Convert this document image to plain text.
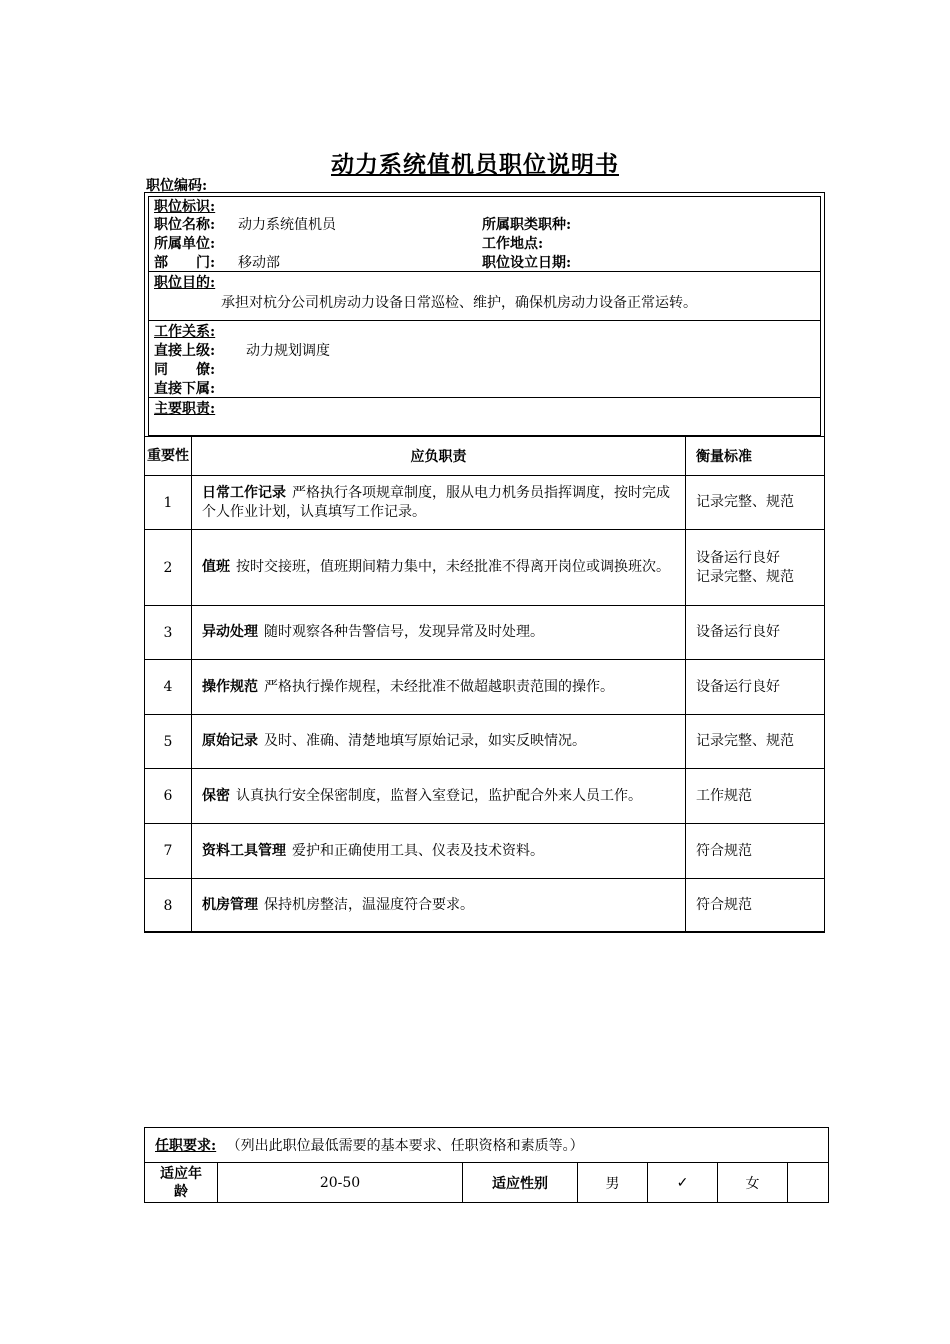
动力系统值机员职位说明书
职位编码:
职位标识:
职位名称: 动力系统值机员	所属职类职种:
所属单位:	工作地点:
部　　门: 移动部	职位设立日期:
职位目的:
承担对杭分公司机房动力设备日常巡检、维护，确保机房动力设备正常运转。
工作关系:
直接上级: 动力规划调度
同　　僚:
直接下属:
主要职责:
重要性	应负职责	衡量标准
1	日常工作记录 严格执行各项规章制度，服从电力机务员指挥调度，按时完成个人作业计划，认真填写工作记录。	记录完整、规范
2	值班 按时交接班，值班期间精力集中，未经批准不得离开岗位或调换班次。	设备运行良好
记录完整、规范
3	异动处理 随时观察各种告警信号，发现异常及时处理。	设备运行良好
4	操作规范 严格执行操作规程，未经批准不做超越职责范围的操作。	设备运行良好
5	原始记录 及时、准确、清楚地填写原始记录，如实反映情况。	记录完整、规范
6	保密 认真执行安全保密制度，监督入室登记，监护配合外来人员工作。	工作规范
7	资料工具管理 爱护和正确使用工具、仪表及技术资料。	符合规范
8	机房管理 保持机房整洁，温湿度符合要求。	符合规范
任职要求: （列出此职位最低需要的基本要求、任职资格和素质等。）
适应年龄	20-50	适应性别	男	✓	女	
